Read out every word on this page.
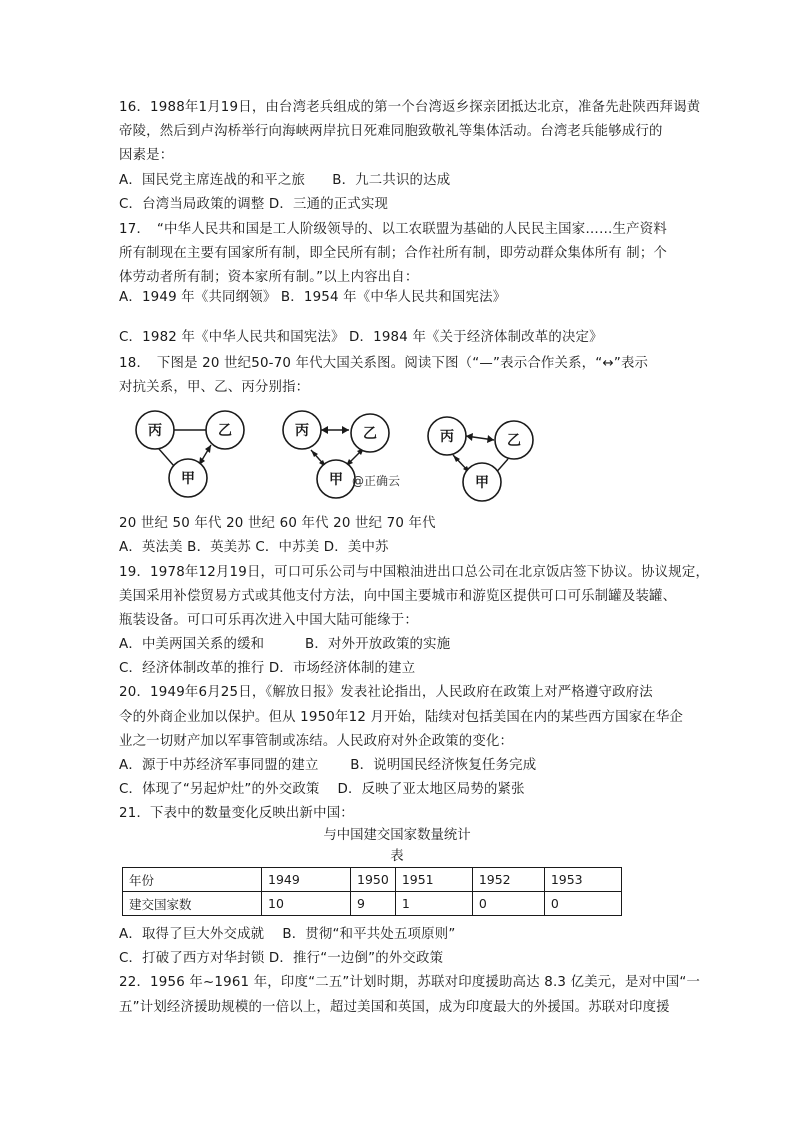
16．1988年1月19日，由台湾老兵组成的第一个台湾返乡探亲团抵达北京，准备先赴陕西拜谒黄
帝陵，然后到卢沟桥举行向海峡两岸抗日死难同胞致敬礼等集体活动。台湾老兵能够成行的
因素是：
A．国民党主席连战的和平之旅　　B．九二共识的达成
C．台湾当局政策的调整 D．三通的正式实现
17．　“中华人民共和国是工人阶级领导的、以工农联盟为基础的人民民主国家……生产资料
所有制现在主要有国家所有制，即全民所有制；合作社所有制，即劳动群众集体所有 制；个
体劳动者所有制；资本家所有制。”以上内容出自：
A．1949 年《共同纲领》 B．1954 年《中华人民共和国宪法》
C．1982 年《中华人民共和国宪法》 D．1984 年《关于经济体制改革的决定》
18．　下图是 20 世纪50-70 年代大国关系图。阅读下图（“—”表示合作关系，“↔”表示
对抗关系，甲、乙、丙分别指：
丙	乙
甲
丙	乙
甲 @正确云
丙	乙
甲
20 世纪 50 年代 20 世纪 60 年代 20 世纪 70 年代
A．英法美 B．英美苏 C．中苏美 D．美中苏
19．1978年12月19日，可口可乐公司与中国粮油进出口总公司在北京饭店签下协议。协议规定，
美国采用补偿贸易方式或其他支付方法，向中国主要城市和游览区提供可口可乐制罐及装罐、
瓶装设备。可口可乐再次进入中国大陆可能缘于：
A．中美两国关系的缓和　　　B．对外开放政策的实施
C．经济体制改革的推行 D．市场经济体制的建立
20．1949年6月25日，《解放日报》发表社论指出，人民政府在政策上对严格遵守政府法
令的外商企业加以保护。但从 1950年12 月开始，陆续对包括美国在内的某些西方国家在华企
业之一切财产加以军事管制或冻结。人民政府对外企政策的变化：
A．源于中苏经济军事同盟的建立　　 B．说明国民经济恢复任务完成
C．体现了“另起炉灶”的外交政策　 D．反映了亚太地区局势的紧张
21．下表中的数量变化反映出新中国：
与中国建交国家数量统计
表
年份	1949	1950	1951	1952	1953
建交国家数	10	9	1	0	0
A．取得了巨大外交成就　 B．贯彻“和平共处五项原则”
C．打破了西方对华封锁 D．推行“一边倒”的外交政策
22．1956 年~1961 年，印度“二五”计划时期，苏联对印度援助高达 8.3 亿美元，是对中国“一
五”计划经济援助规模的一倍以上，超过美国和英国，成为印度最大的外援国。苏联对印度援
